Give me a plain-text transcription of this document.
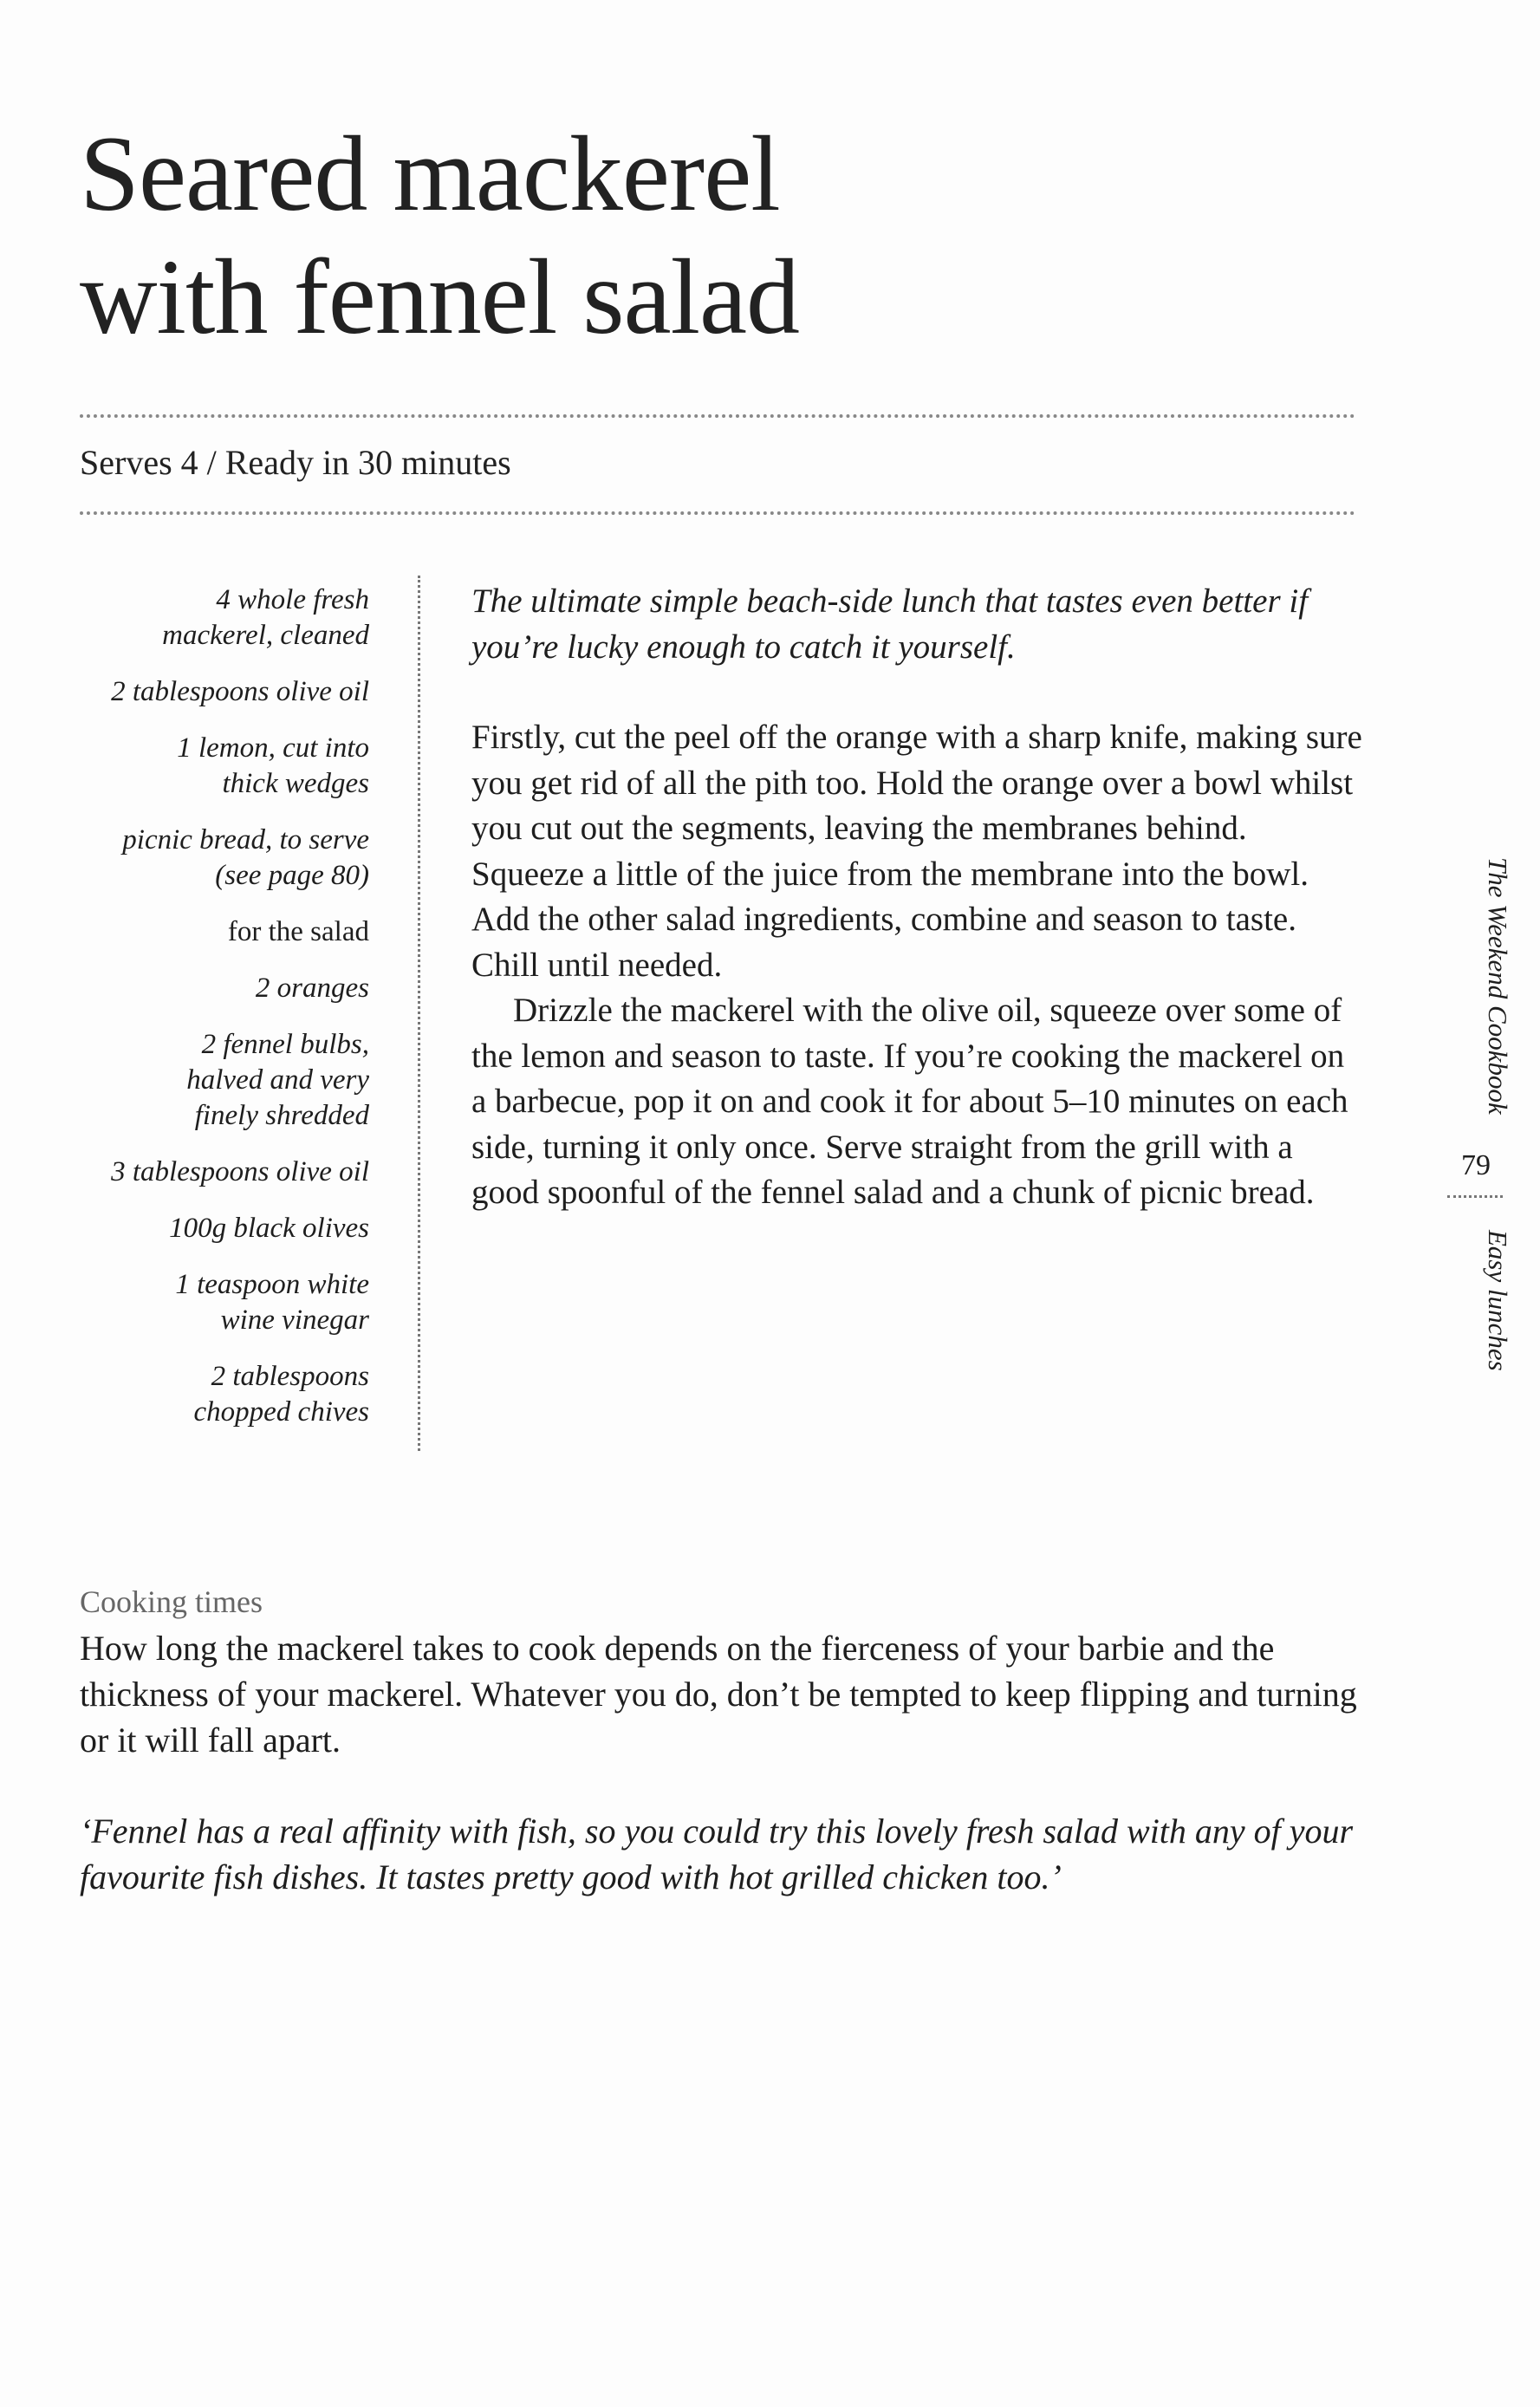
Seared mackerel
with fennel salad
Serves 4 / Ready in 30 minutes
4 whole fresh
mackerel, cleaned
2 tablespoons olive oil
1 lemon, cut into
thick wedges
picnic bread, to serve
(see page 80)
for the salad
2 oranges
2 fennel bulbs,
halved and very
finely shredded
3 tablespoons olive oil
100g black olives
1 teaspoon white
wine vinegar
2 tablespoons
chopped chives

The ultimate simple beach-side lunch that tastes even better if you’re lucky enough to catch it yourself.

Firstly, cut the peel off the orange with a sharp knife, making sure you get rid of all the pith too. Hold the orange over a bowl whilst you cut out the segments, leaving the membranes behind. Squeeze a little of the juice from the membrane into the bowl. Add the other salad ingredients, combine and season to taste. Chill until needed.

Drizzle the mackerel with the olive oil, squeeze over some of the lemon and season to taste. If you’re cooking the mackerel on a barbecue, pop it on and cook it for about 5–10 minutes on each side, turning it only once. Serve straight from the grill with a good spoonful of the fennel salad and a chunk of picnic bread.

The Weekend Cookbook
79
Easy lunches
Cooking times

How long the mackerel takes to cook depends on the fierceness of your barbie and the thickness of your mackerel. Whatever you do, don’t be tempted to keep flipping and turning or it will fall apart.

‘Fennel has a real affinity with fish, so you could try this lovely fresh salad with any of your favourite fish dishes. It tastes pretty good with hot grilled chicken too.’
